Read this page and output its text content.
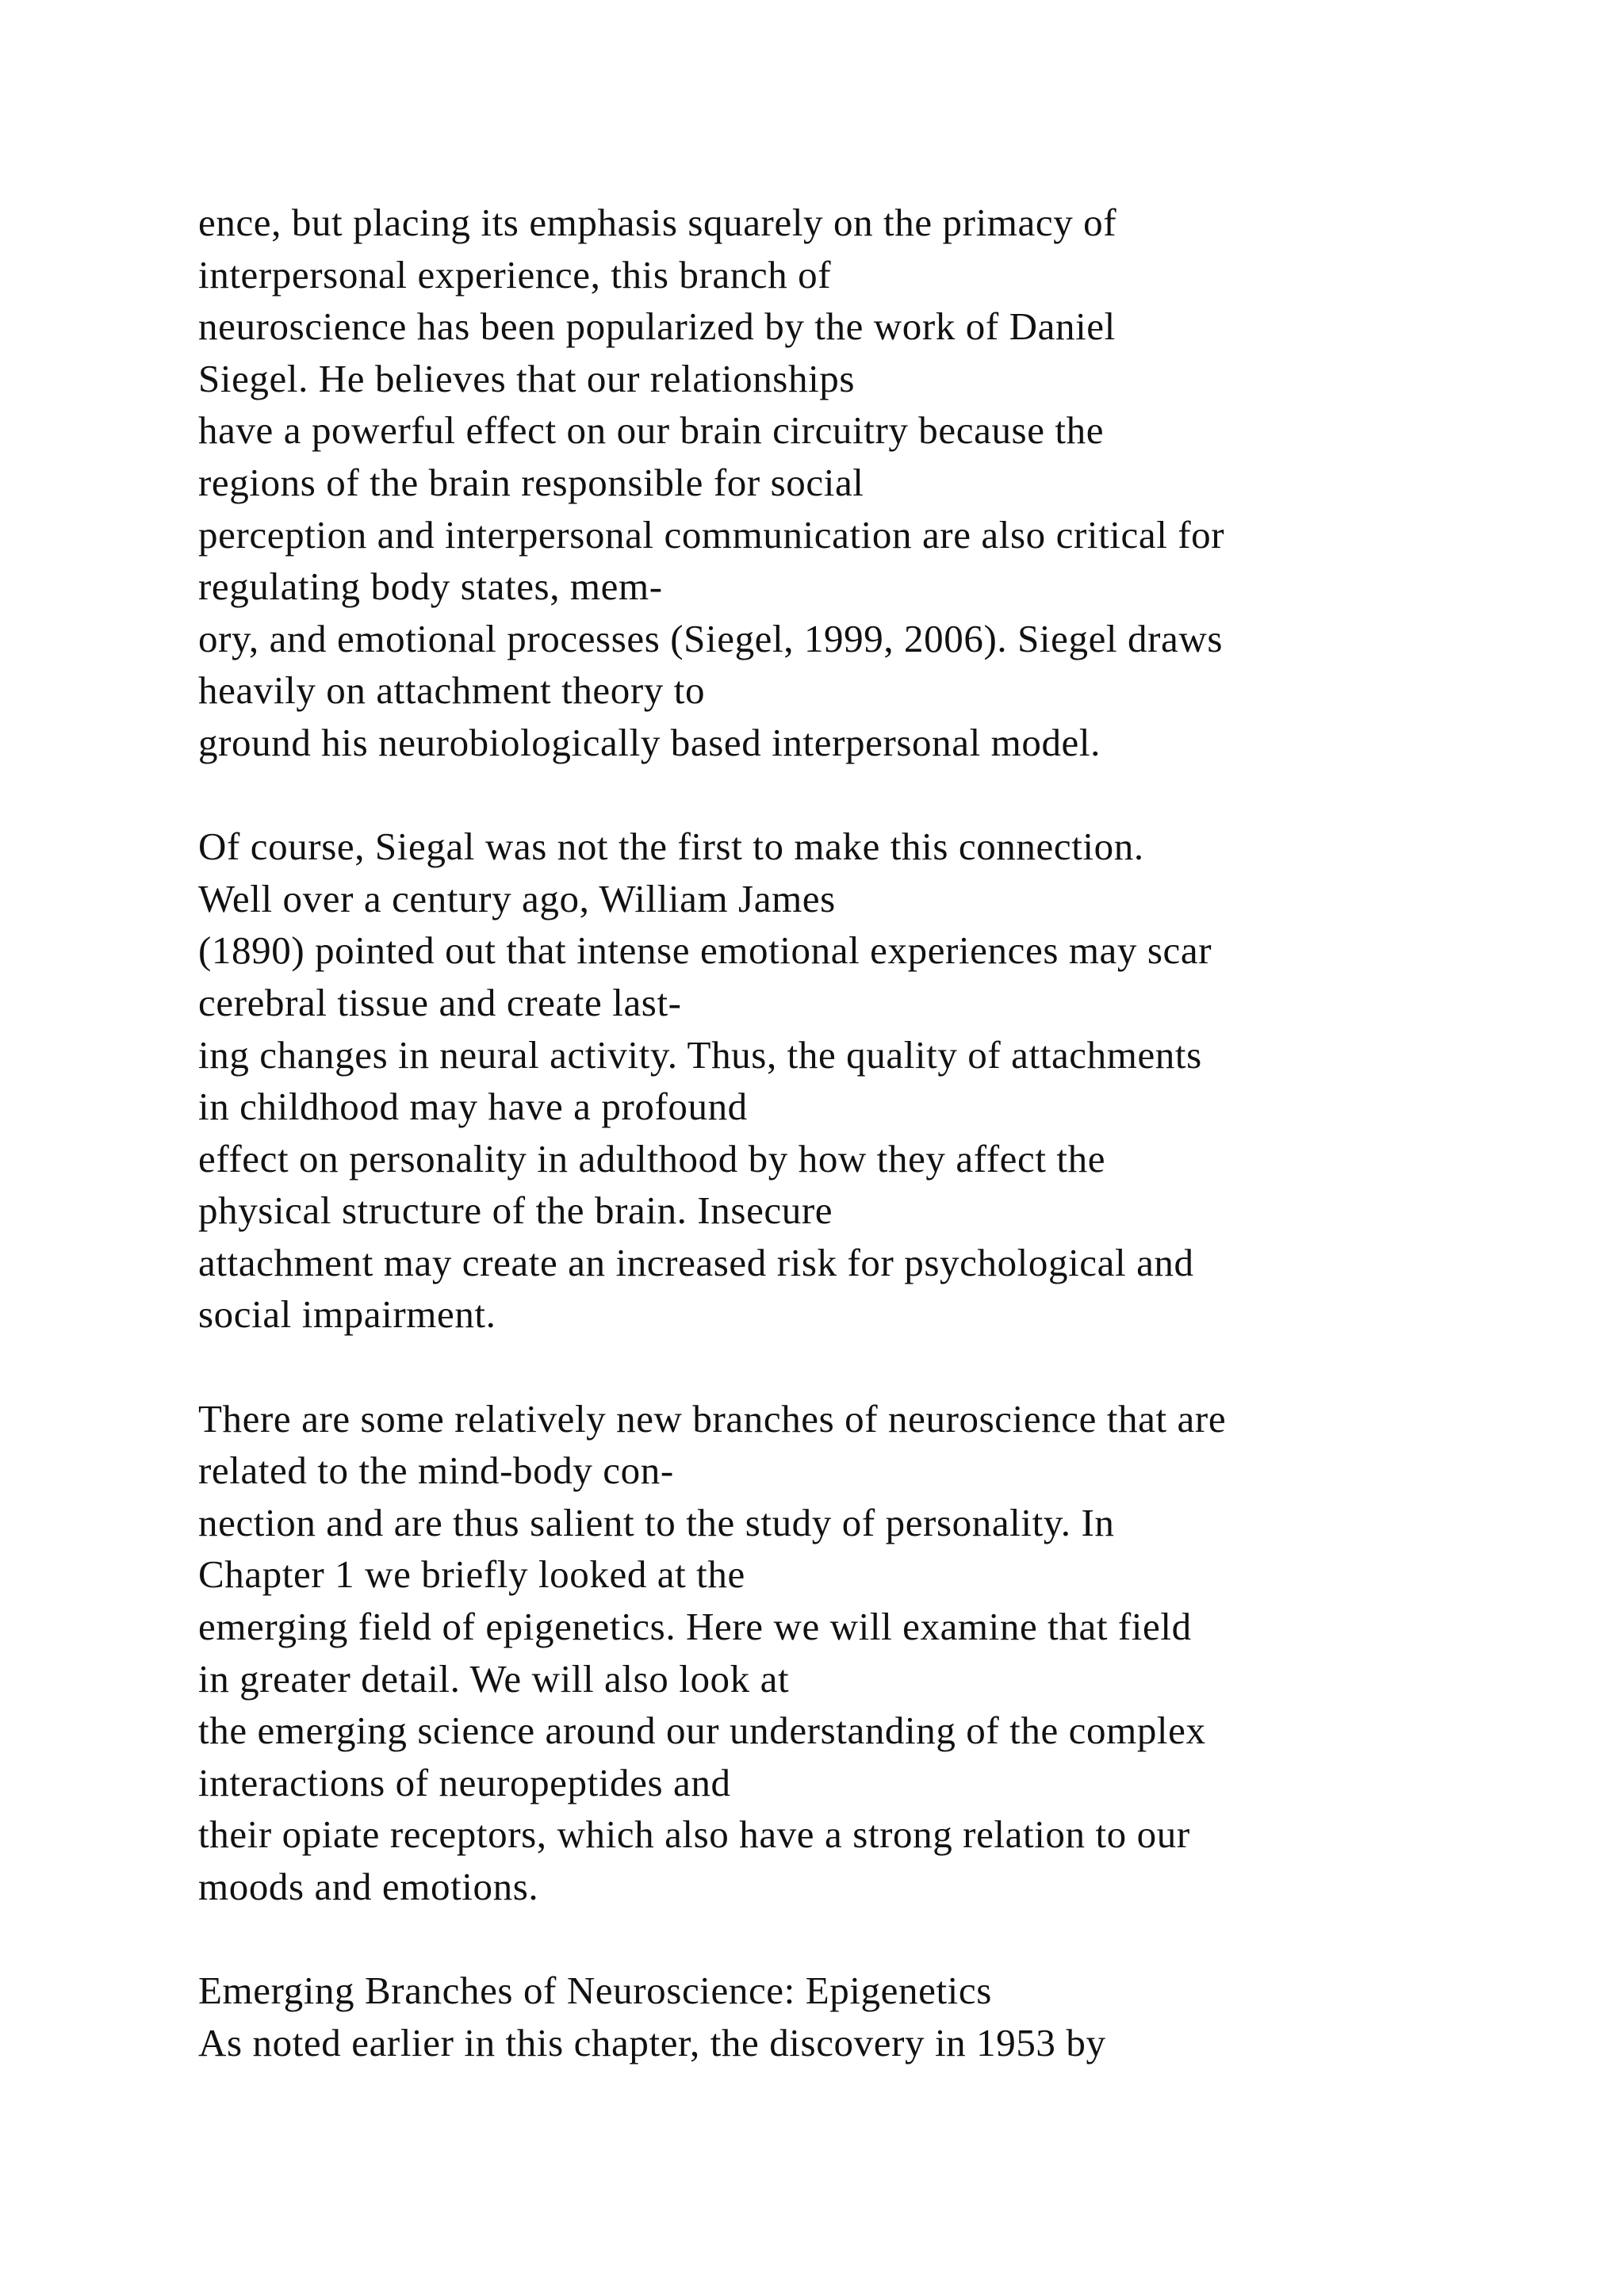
ence, but placing its emphasis squarely on the primacy of
interpersonal experience, this branch of
neuroscience has been popularized by the work of Daniel
Siegel. He believes that our relationships
have a powerful effect on our brain circuitry because the
regions of the brain responsible for social
perception and interpersonal communication are also critical for
regulating body states, mem-
ory, and emotional processes (Siegel, 1999, 2006). Siegel draws
heavily on attachment theory to
ground his neurobiologically based interpersonal model.
Of course, Siegal was not the first to make this connection.
Well over a century ago, William James
(1890) pointed out that intense emotional experiences may scar
cerebral tissue and create last-
ing changes in neural activity. Thus, the quality of attachments
in childhood may have a profound
effect on personality in adulthood by how they affect the
physical structure of the brain. Insecure
attachment may create an increased risk for psychological and
social impairment.
There are some relatively new branches of neuroscience that are
related to the mind-body con-
nection and are thus salient to the study of personality. In
Chapter 1 we briefly looked at the
emerging field of epigenetics. Here we will examine that field
in greater detail. We will also look at
the emerging science around our understanding of the complex
interactions of neuropeptides and
their opiate receptors, which also have a strong relation to our
moods and emotions.
Emerging Branches of Neuroscience: Epigenetics
As noted earlier in this chapter, the discovery in 1953 by
